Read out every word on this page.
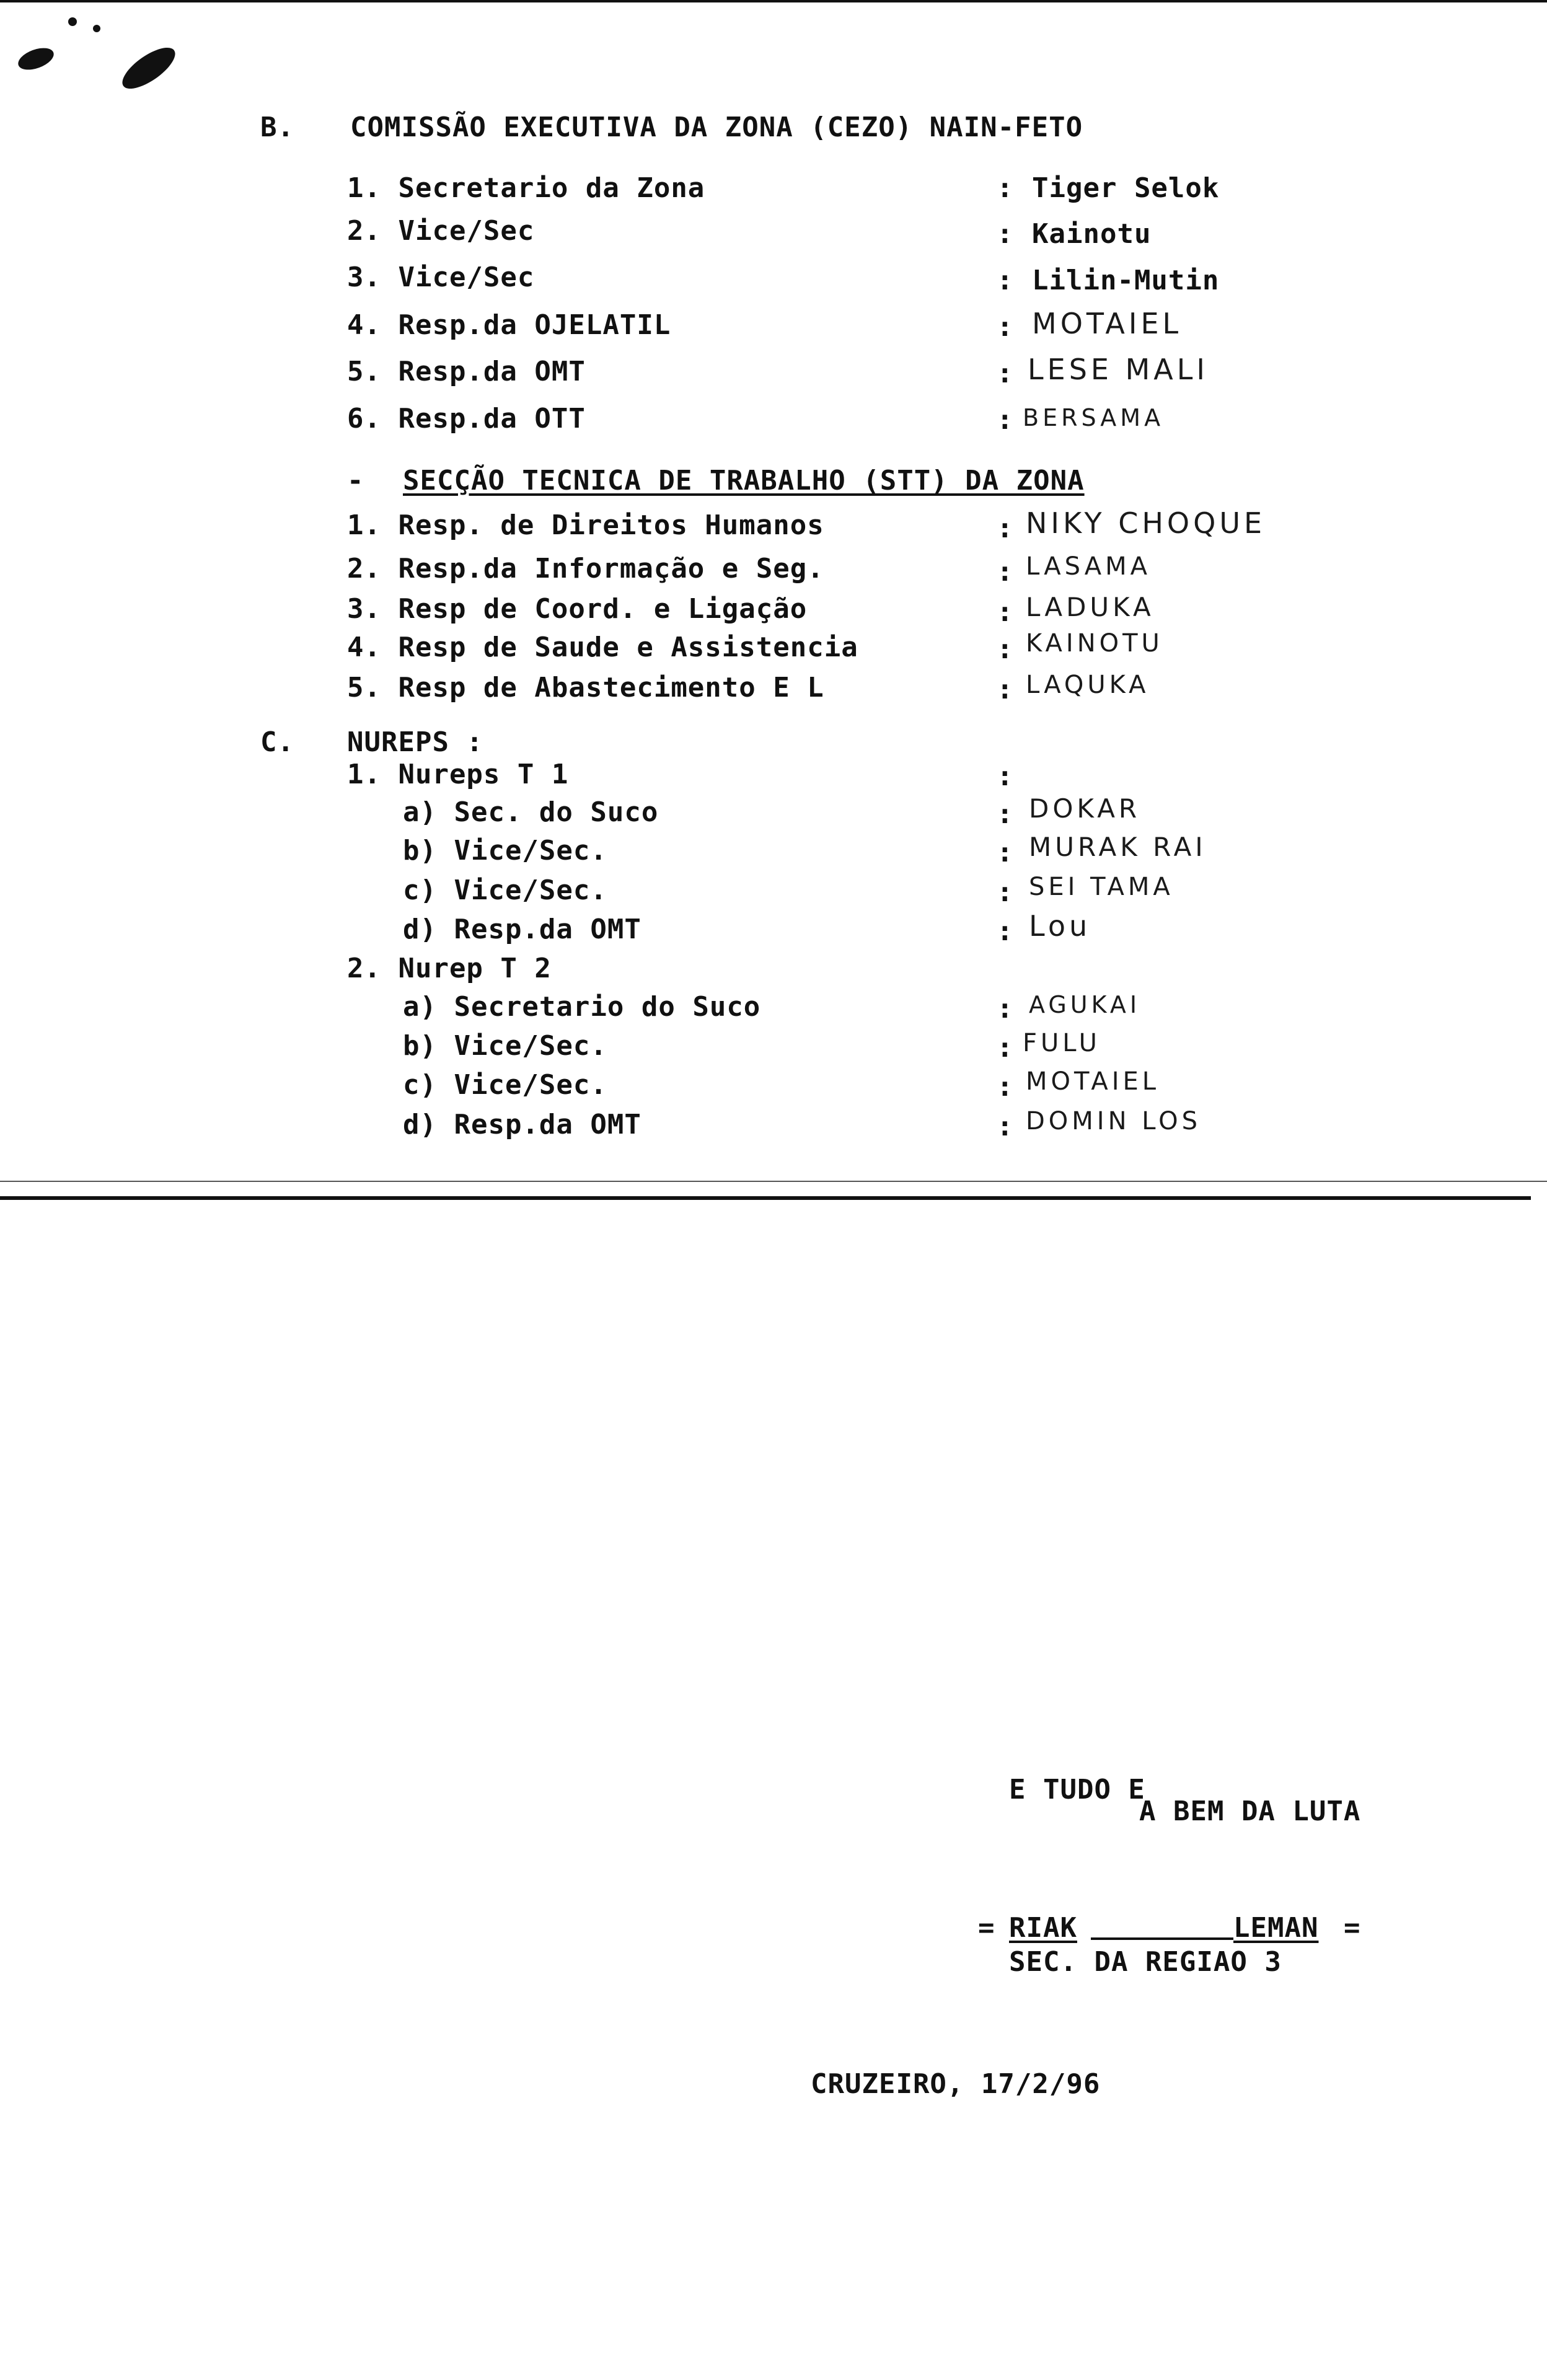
B. COMISSÃO EXECUTIVA DA ZONA (CEZO) NAIN-FETO
1. Secretario da Zona	: Tiger Selok
2. Vice/Sec	: Kainotu
3. Vice/Sec	: Lilin-Mutin
4. Resp.da OJELATIL	: MOTAIEL
5. Resp.da OMT	: LESE MALI
6. Resp.da OTT	: BERSAMA
- SECÇÃO TECNICA DE TRABALHO (STT) DA ZONA
1. Resp. de Direitos Humanos	: NIKY CHOQUE
2. Resp.da Informação e Seg.	: LASAMA
3. Resp de Coord. e Ligação	: LADUKA
4. Resp de Saude e Assistencia	: KAINOTU
5. Resp de Abastecimento E L	: LAQUKA
C. NUREPS :
1. Nureps T 1	:
a) Sec. do Suco	: DOKAR
b) Vice/Sec.	: MURAK RAI
c) Vice/Sec.	: SEI TAMA
d) Resp.da OMT	: Lou
2. Nurep T 2
a) Secretario do Suco	: AGUKAI
b) Vice/Sec.	: FULU
c) Vice/Sec.	: MOTAIEL
d) Resp.da OMT	: DOMIN LOS
E TUDO E
A BEM DA LUTA
= RIAK	LEMAN =
SEC. DA REGIAO 3
CRUZEIRO, 17/2/96
